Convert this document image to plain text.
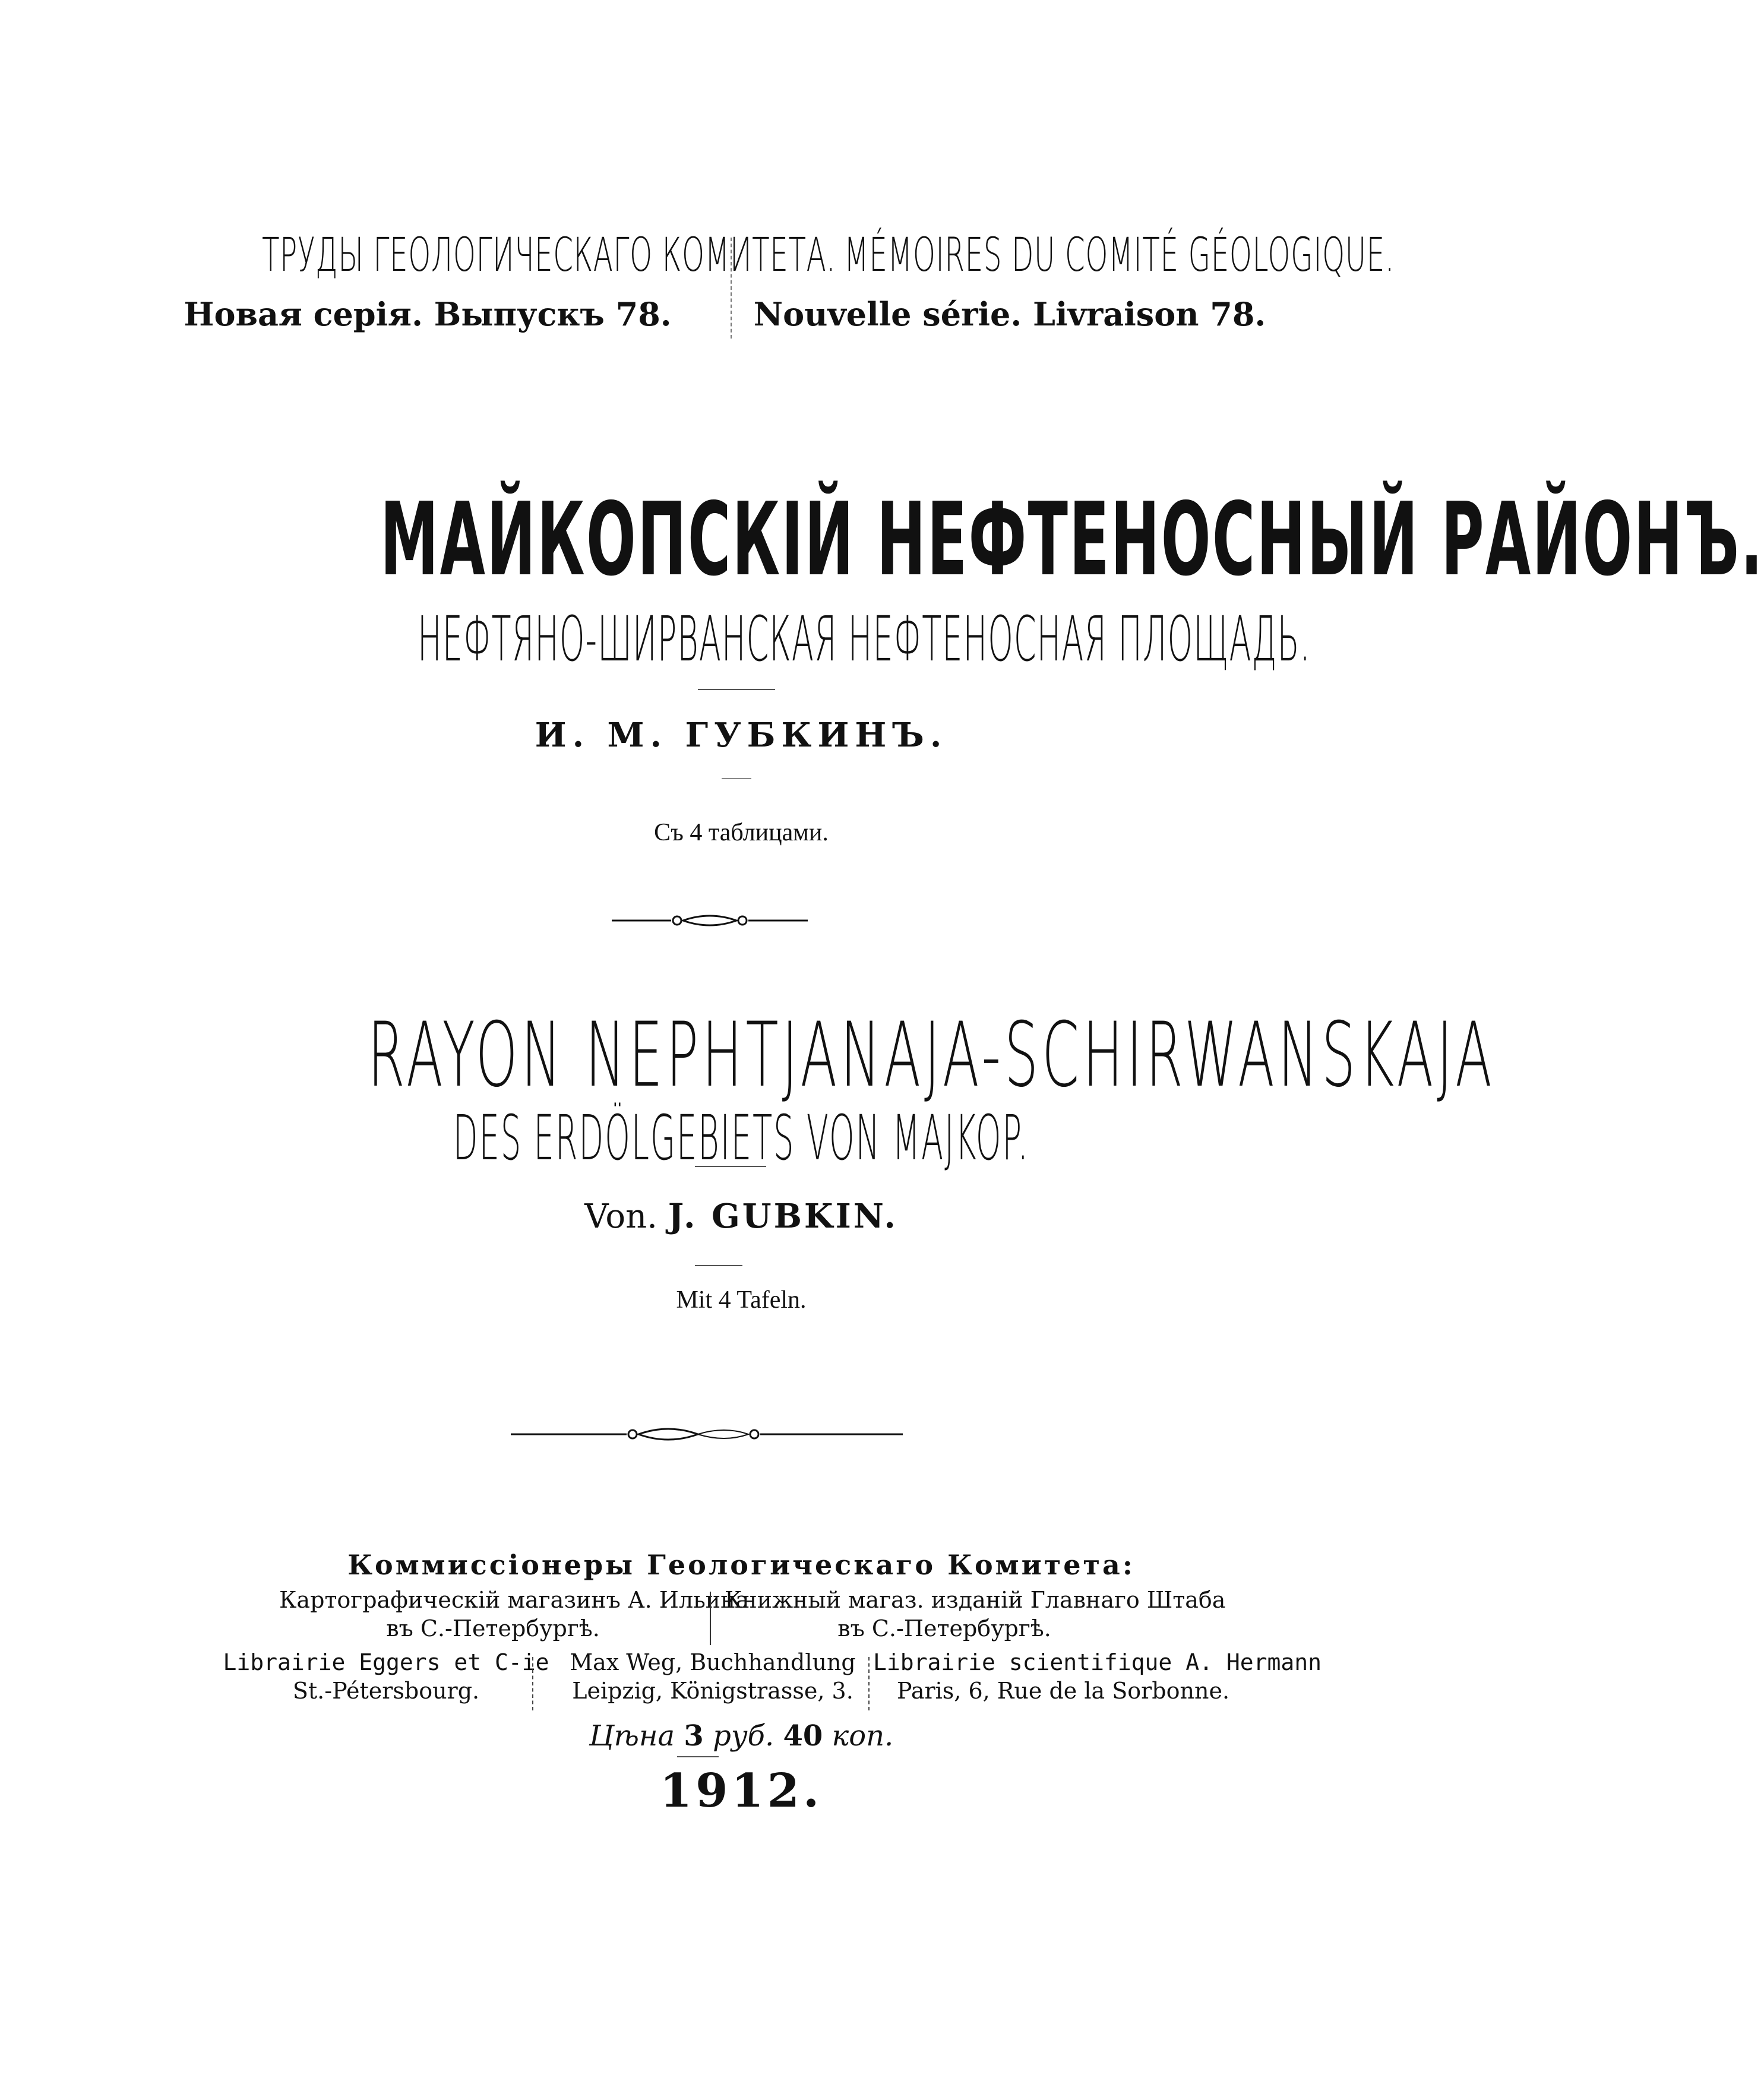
ТРУДЫ ГЕОЛОГИЧЕСКАГО КОМИТЕТА. MÉMOIRES DU COMITÉ GÉOLOGIQUE.
Новая серія. Выпускъ 78.	Nouvelle série. Livraison 78.
МАЙКОПСКІЙ НЕФТЕНОСНЫЙ РАЙОНЪ.
НЕФТЯНО-ШИРВАНСКАЯ НЕФТЕНОСНАЯ ПЛОЩАДЬ.
И. М. ГУБКИНЪ.
Съ 4 таблицами.
RAYON NEPHTJANAJA-SCHIRWANSKAJA
DES ERDÖLGEBIETS VON MAJKOP.
Von. J. GUBKIN.
Mit 4 Tafeln.
Коммиссіонеры Геологическаго Комитета:
Картографическій магазинъ А. Ильина
въ С.-Петербургѣ.
Книжный магаз. изданій Главнаго Штаба
въ С.-Петербургѣ.
Librairie Eggers et C-ie
St.-Pétersbourg.
Max Weg, Buchhandlung
Leipzig, Königstrasse, 3.
Librairie scientifique A. Hermann
Paris, 6, Rue de la Sorbonne.
Цѣна 3 руб. 40 коп.
1912.
